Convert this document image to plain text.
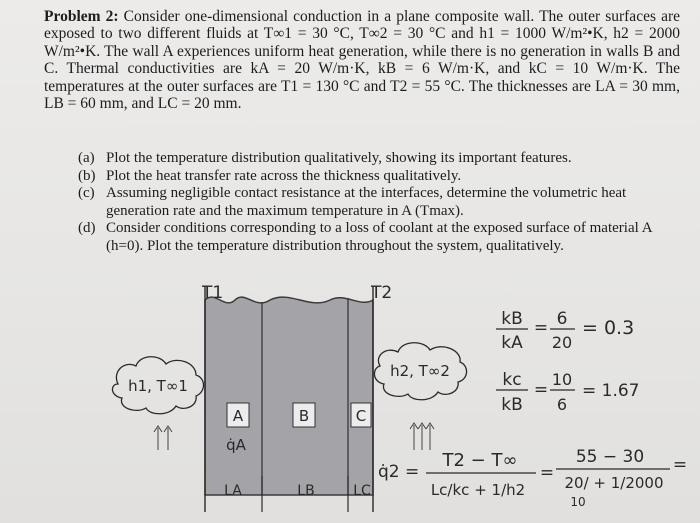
Problem 2: Consider one-dimensional conduction in a plane composite wall. The outer surfaces are exposed to two different fluids at T∞1 = 30 °C, T∞2 = 30 °C and h1 = 1000 W/m²•K, h2 = 2000 W/m²•K. The wall A experiences uniform heat generation, while there is no generation in walls B and C. Thermal conductivities are kA = 20 W/m·K, kB = 6 W/m·K, and kC = 10 W/m·K. The temperatures at the outer surfaces are T1 = 130 °C and T2 = 55 °C. The thicknesses are LA = 30 mm, LB = 60 mm, and LC = 20 mm.
(a) Plot the temperature distribution qualitatively, showing its important features.
(b) Plot the heat transfer rate across the thickness qualitatively.
(c) Assuming negligible contact resistance at the interfaces, determine the volumetric heat generation rate and the maximum temperature in A (Tmax).
(d) Consider conditions corresponding to a loss of coolant at the exposed surface of material A (h=0). Plot the temperature distribution throughout the system, qualitatively.
A	B	C
q̇A
T1	T2
h1, T∞1
h2, T∞2
LA	LB	LC
kB
kA
= 6
20
= 0.3
kc
kB
=
10
6
= 1.67
q̇2 =
T2 − T∞
Lc/kc + 1/h2
=
55 − 30
20/ + 1/2000
10
=
